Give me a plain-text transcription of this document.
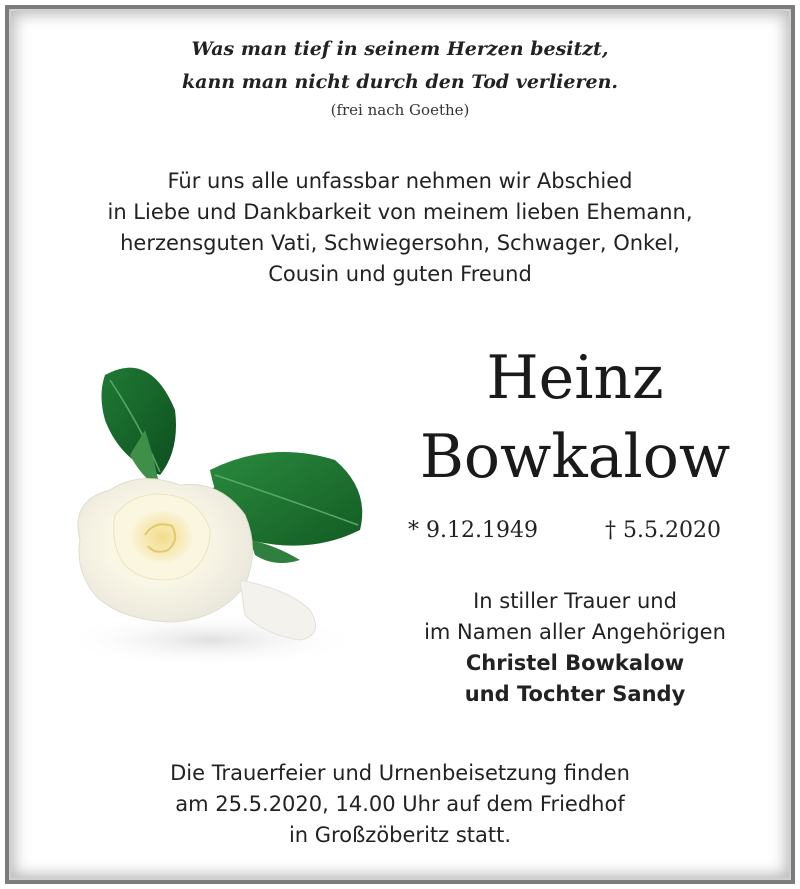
Was man tief in seinem Herzen besitzt,
kann man nicht durch den Tod verlieren.
(frei nach Goethe)
Für uns alle unfassbar nehmen wir Abschied
in Liebe und Dankbarkeit von meinem lieben Ehemann,
herzensguten Vati, Schwiegersohn, Schwager, Onkel,
Cousin und guten Freund
Heinz
Bowkalow
* 9.12.1949	† 5.5.2020
In stiller Trauer und
im Namen aller Angehörigen
Christel Bowkalow
und Tochter Sandy
Die Trauerfeier und Urnenbeisetzung finden
am 25.5.2020, 14.00 Uhr auf dem Friedhof
in Großzöberitz statt.
